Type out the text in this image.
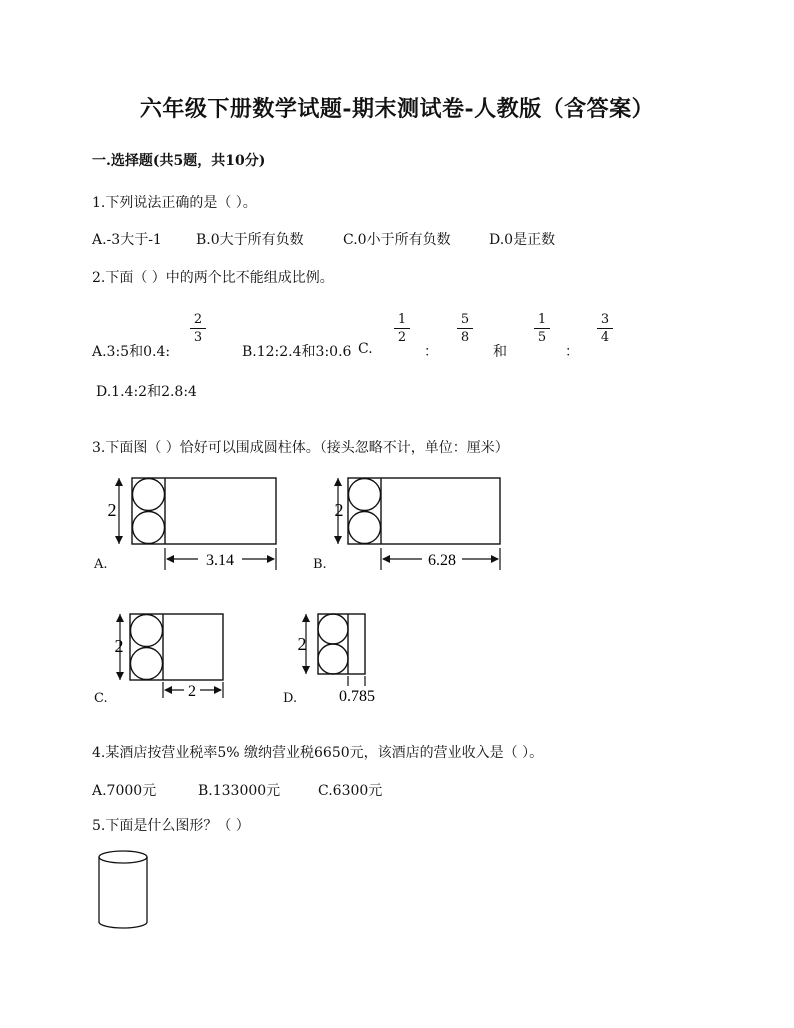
六年级下册数学试题-期末测试卷-人教版（含答案）
一.选择题(共5题，共10分)
1.下列说法正确的是（ ）。
A.-3大于-1 B.0大于所有负数	C.0小于所有负数	D.0是正数
2.下面（ ）中的两个比不能组成比例。
A.3:5和0.4:
2
3
B.12:2.4和3:0.6 C.
1
2
：
5
8
和
1
5
：
3
4
D.1.4:2和2.8:4
3.下面图（ ）恰好可以围成圆柱体。（接头忽略不计，单位：厘米）
2
3.14
A.
2
6.28
B.
2
2
C.
2
0.785
D.
4.某酒店按营业税率5% 缴纳营业税6650元，该酒店的营业收入是（ ）。
A.7000元	B.133000元	C.6300元
5.下面是什么图形？（ ）
